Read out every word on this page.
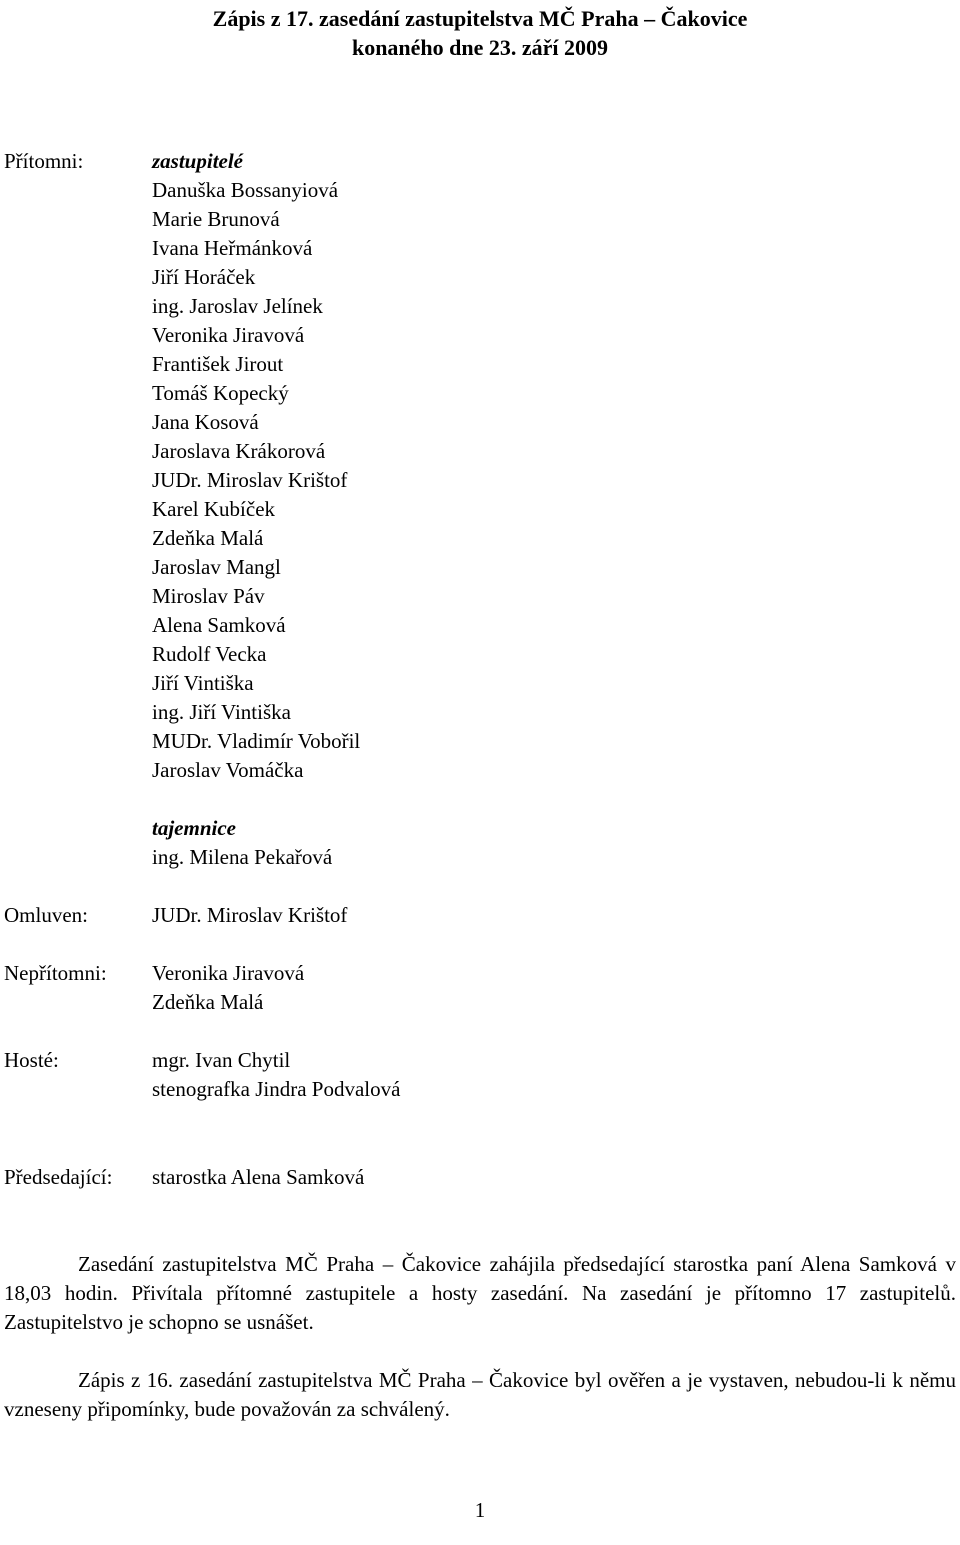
Zápis z 17. zasedání zastupitelstva MČ Praha – Čakovice
konaného dne 23. září 2009
Přítomni:	zastupitelé
Danuška Bossanyiová
Marie Brunová
Ivana Heřmánková
Jiří Horáček
ing. Jaroslav Jelínek
Veronika Jiravová
František Jirout
Tomáš Kopecký
Jana Kosová
Jaroslava Krákorová
JUDr. Miroslav Krištof
Karel Kubíček
Zdeňka Malá
Jaroslav Mangl
Miroslav Páv
Alena Samková
Rudolf Vecka
Jiří Vintiška
ing. Jiří Vintiška
MUDr. Vladimír Vobořil
Jaroslav Vomáčka
tajemnice
ing. Milena Pekařová
Omluven:	JUDr. Miroslav Krištof
Nepřítomni: Veronika Jiravová
Zdeňka Malá
Hosté:	mgr. Ivan Chytil
stenografka Jindra Podvalová
Předsedající: starostka Alena Samková
Zasedání zastupitelstva MČ Praha – Čakovice zahájila předsedající starostka paní Alena Samková v 18,03 hodin. Přivítala přítomné zastupitele a hosty zasedání. Na zasedání je přítomno 17 zastupitelů. Zastupitelstvo je schopno se usnášet.
Zápis z 16. zasedání zastupitelstva MČ Praha – Čakovice byl ověřen a je vystaven, nebudou-li k němu vzneseny připomínky, bude považován za schválený.
1
